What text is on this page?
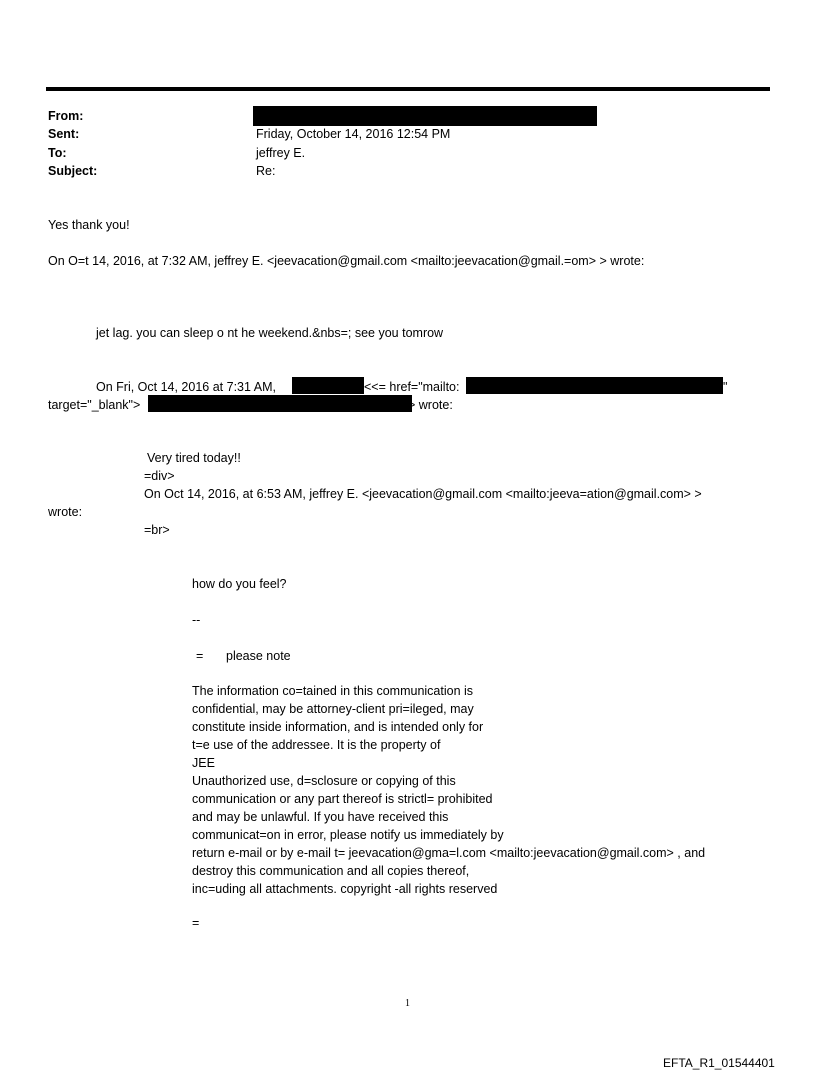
From:
Sent:	Friday, October 14, 2016 12:54 PM
To:	jeffrey E.
Subject:	Re:
Yes thank you!
On O=t 14, 2016, at 7:32 AM, jeffrey E. <jeevacation@gmail.com <mailto:jeevacation@gmail.=om> > wrote:
jet lag. you can sleep o nt he weekend.&nbs=; see you tomrow
On Fri, Oct 14, 2016 at 7:31 AM,	<<= href="mailto:	"
target="_blank">	> wrote:
Very tired today!!
=div>
On Oct 14, 2016, at 6:53 AM, jeffrey E. <jeevacation@gmail.com <mailto:jeeva=ation@gmail.com> >
wrote:
=br>
how do you feel?
--
= please note
The information co=tained in this communication is
confidential, may be attorney-client pri=ileged, may
constitute inside information, and is intended only for
t=e use of the addressee. It is the property of
JEE
Unauthorized use, d=sclosure or copying of this
communication or any part thereof is strictl= prohibited
and may be unlawful. If you have received this
communicat=on in error, please notify us immediately by
return e-mail or by e-mail t= jeevacation@gma=l.com <mailto:jeevacation@gmail.com> , and
destroy this communication and all copies thereof,
inc=uding all attachments. copyright -all rights reserved
=
1
EFTA_R1_01544401
